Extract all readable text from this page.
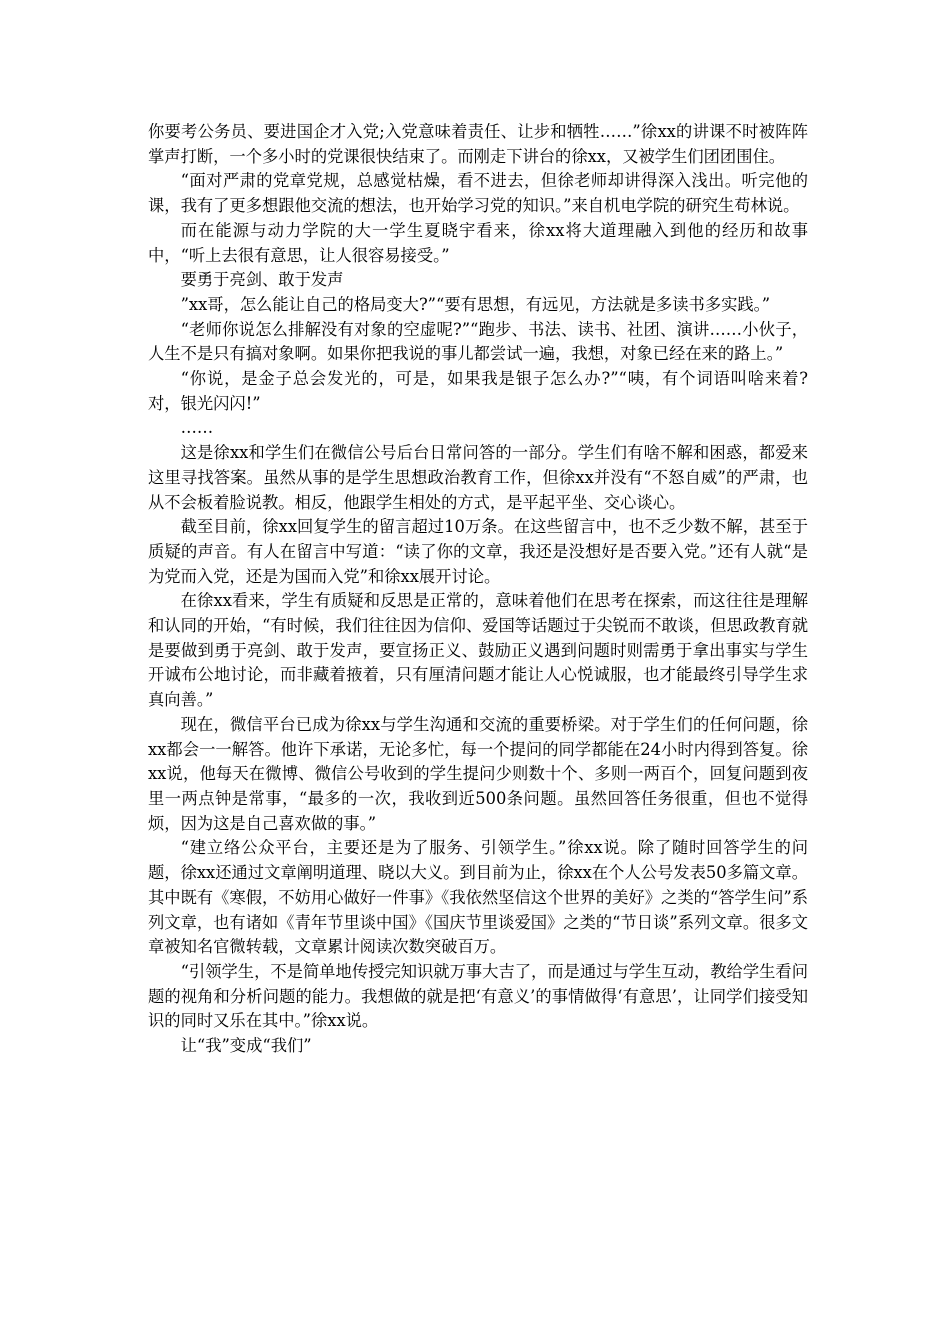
你要考公务员、要进国企才入党;入党意味着责任、让步和牺牲……”徐xx的讲课不时被阵阵掌声打断，一个多小时的党课很快结束了。而刚走下讲台的徐xx，又被学生们团团围住。

“面对严肃的党章党规，总感觉枯燥，看不进去，但徐老师却讲得深入浅出。听完他的课，我有了更多想跟他交流的想法，也开始学习党的知识。”来自机电学院的研究生苟林说。

而在能源与动力学院的大一学生夏晓宇看来，徐xx将大道理融入到他的经历和故事中，“听上去很有意思，让人很容易接受。”

要勇于亮剑、敢于发声

”xx哥，怎么能让自己的格局变大?”“要有思想，有远见，方法就是多读书多实践。”

“老师你说怎么排解没有对象的空虚呢?”“跑步、书法、读书、社团、演讲……小伙子，人生不是只有搞对象啊。如果你把我说的事儿都尝试一遍，我想，对象已经在来的路上。”

“你说，是金子总会发光的，可是，如果我是银子怎么办?”“咦，有个词语叫啥来着?对，银光闪闪!”

……

这是徐xx和学生们在微信公号后台日常问答的一部分。学生们有啥不解和困惑，都爱来这里寻找答案。虽然从事的是学生思想政治教育工作，但徐xx并没有“不怒自威”的严肃，也从不会板着脸说教。相反，他跟学生相处的方式，是平起平坐、交心谈心。

截至目前，徐xx回复学生的留言超过10万条。在这些留言中，也不乏少数不解，甚至于质疑的声音。有人在留言中写道：“读了你的文章，我还是没想好是否要入党。”还有人就“是为党而入党，还是为国而入党”和徐xx展开讨论。

在徐xx看来，学生有质疑和反思是正常的，意味着他们在思考在探索，而这往往是理解和认同的开始，“有时候，我们往往因为信仰、爱国等话题过于尖锐而不敢谈，但思政教育就是要做到勇于亮剑、敢于发声，要宣扬正义、鼓励正义遇到问题时则需勇于拿出事实与学生开诚布公地讨论，而非藏着掖着，只有厘清问题才能让人心悦诚服，也才能最终引导学生求真向善。”

现在，微信平台已成为徐xx与学生沟通和交流的重要桥梁。对于学生们的任何问题，徐xx都会一一解答。他许下承诺，无论多忙，每一个提问的同学都能在24小时内得到答复。徐xx说，他每天在微博、微信公号收到的学生提问少则数十个、多则一两百个，回复问题到夜里一两点钟是常事，“最多的一次，我收到近500条问题。虽然回答任务很重，但也不觉得烦，因为这是自己喜欢做的事。”

“建立络公众平台，主要还是为了服务、引领学生。”徐xx说。除了随时回答学生的问题，徐xx还通过文章阐明道理、晓以大义。到目前为止，徐xx在个人公号发表50多篇文章。其中既有《寒假，不妨用心做好一件事》《我依然坚信这个世界的美好》之类的“答学生问”系列文章，也有诸如《青年节里谈中国》《国庆节里谈爱国》之类的“节日谈”系列文章。很多文章被知名官微转载，文章累计阅读次数突破百万。

“引领学生，不是简单地传授完知识就万事大吉了，而是通过与学生互动，教给学生看问题的视角和分析问题的能力。我想做的就是把‘有意义’的事情做得‘有意思’，让同学们接受知识的同时又乐在其中。”徐xx说。

让“我”变成“我们”
